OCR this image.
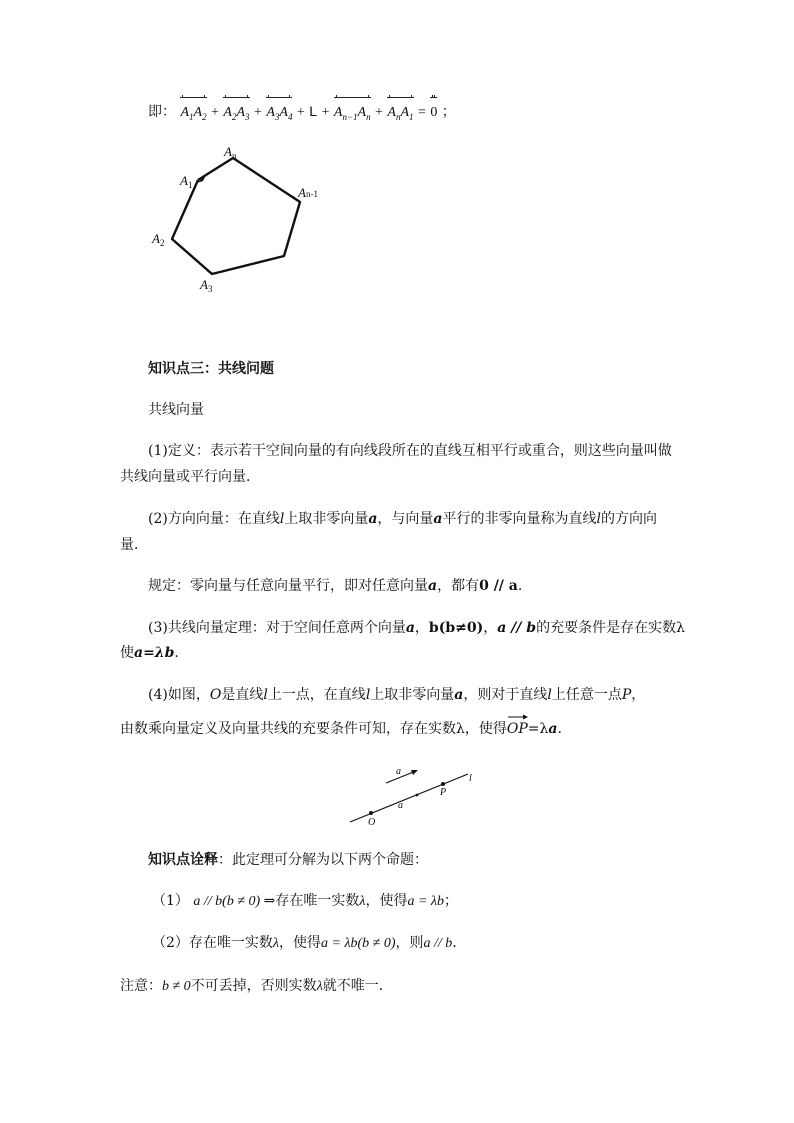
即： $A_1A_2 + A_2A_3 + A_3A_4 + L + A_{n-1}A_n + A_nA_1 = 0$ ；
$A_n$
$A_1$	An-1
$A_2$
$A_3$
知识点三：共线问题
共线向量
(1)定义：表示若干空间向量的有向线段所在的直线互相平行或重合，则这些向量叫做
共线向量或平行向量．
(2)方向向量：在直线l上取非零向量a，与向量a平行的非零向量称为直线l的方向向
量．
规定：零向量与任意向量平行，即对任意向量a，都有0 // a.
(3)共线向量定理：对于空间任意两个向量a，b(b≠0)，a // b的充要条件是存在实数λ
使a=λb.
(4)如图，O是直线l上一点，在直线l上取非零向量a，则对于直线l上任意一点P，
由数乘向量定义及向量共线的充要条件可知，存在实数λ，使得
OP=λa.
a
l
P
a
O
知识点诠释：此定理可分解为以下两个命题：
（1） a // b(b ≠ 0) ⇒存在唯一实数λ，使得a = λb；
（2）存在唯一实数λ，使得a = λb(b ≠ 0)，则a // b．
注意：b ≠ 0不可丢掉，否则实数λ就不唯一．
